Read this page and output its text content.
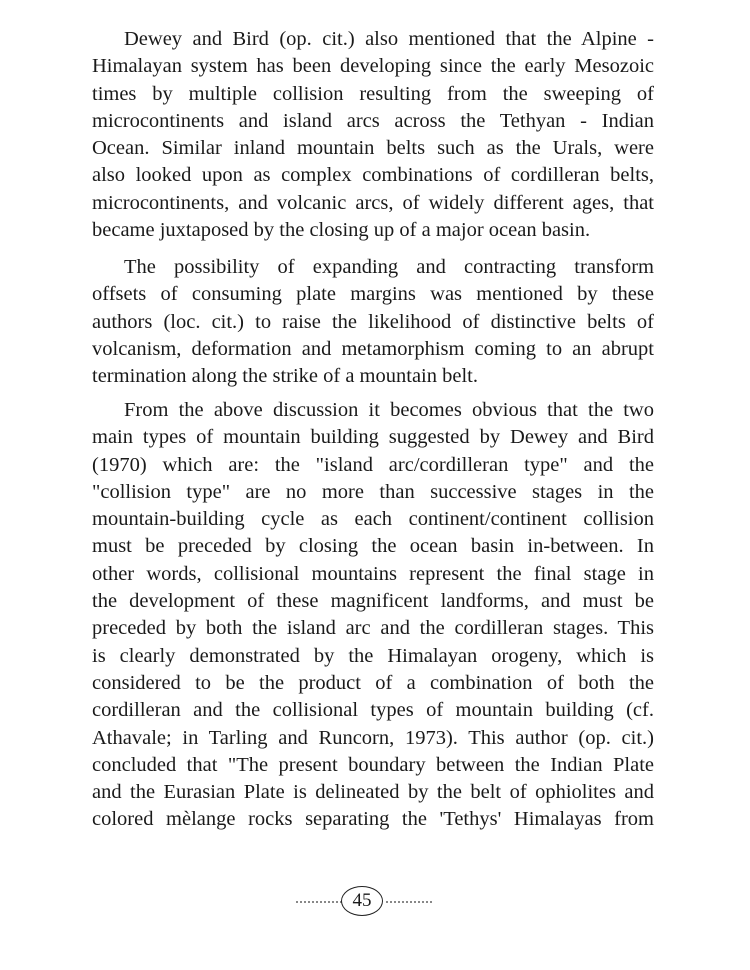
Dewey and Bird (op. cit.) also mentioned that the Alpine -
Himalayan system has been developing since the early Mesozoic
times by multiple collision resulting from the sweeping of
microcontinents and island arcs across the Tethyan - Indian
Ocean. Similar inland mountain belts such as the Urals, were
also looked upon as complex combinations of cordilleran belts,
microcontinents, and volcanic arcs, of widely different ages, that
became juxtaposed by the closing up of a major ocean basin.
The possibility of expanding and contracting transform
offsets of consuming plate margins was mentioned by these
authors (loc. cit.) to raise the likelihood of distinctive belts of
volcanism, deformation and metamorphism coming to an abrupt
termination along the strike of a mountain belt.
From the above discussion it becomes obvious that the two
main types of mountain building suggested by Dewey and Bird
(1970) which are: the "island arc/cordilleran type" and the
"collision type" are no more than successive stages in the
mountain-building cycle as each continent/continent collision
must be preceded by closing the ocean basin in-between. In
other words, collisional mountains represent the final stage in
the development of these magnificent landforms, and must be
preceded by both the island arc and the cordilleran stages. This
is clearly demonstrated by the Himalayan orogeny, which is
considered to be the product of a combination of both the
cordilleran and the collisional types of mountain building (cf.
Athavale; in Tarling and Runcorn, 1973). This author (op. cit.)
concluded that "The present boundary between the Indian Plate
and the Eurasian Plate is delineated by the belt of ophiolites and
colored mèlange rocks separating the 'Tethys' Himalayas from
45
